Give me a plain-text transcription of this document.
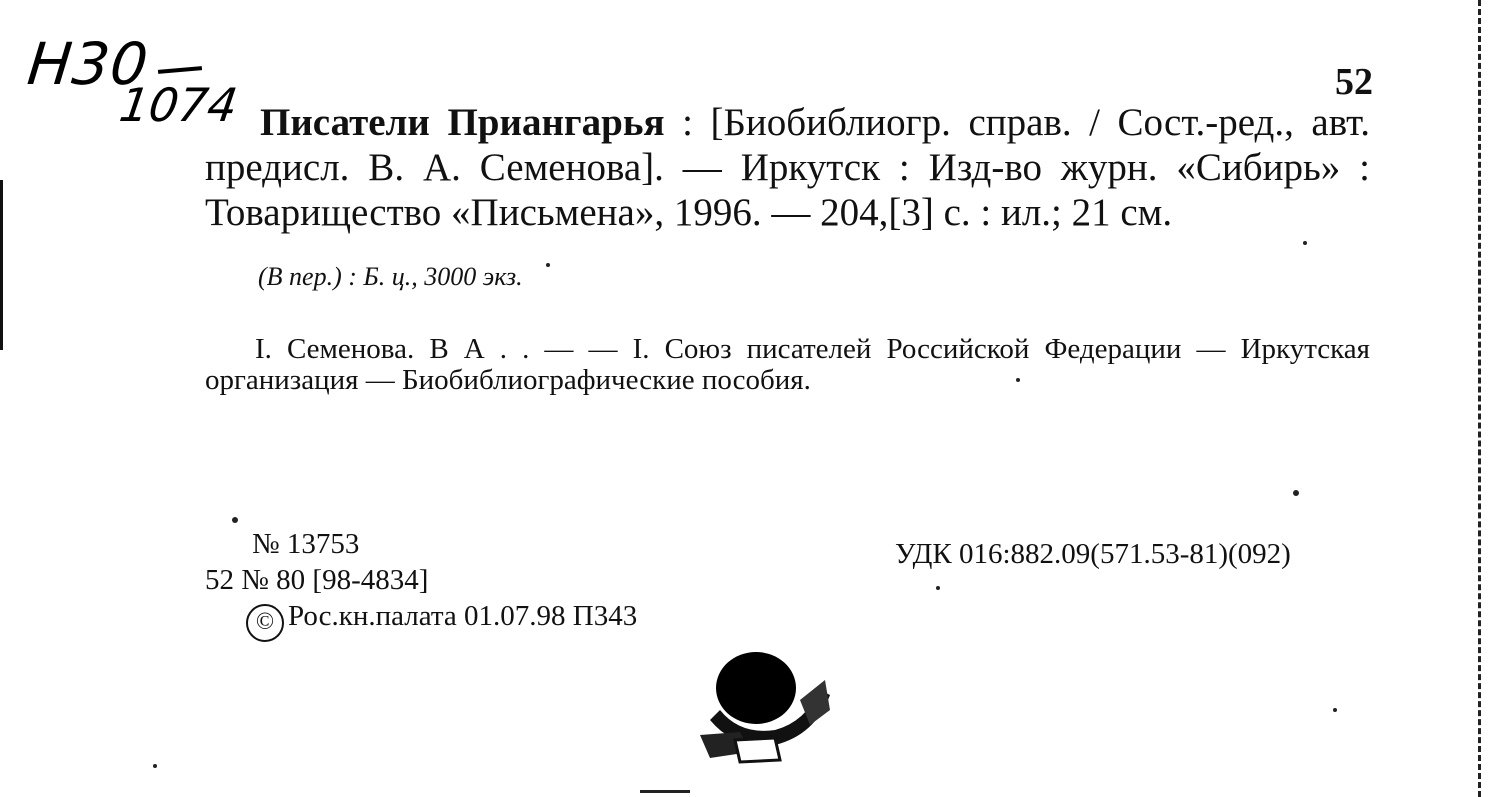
Н30
1074	52
Писатели Приангарья : [Биобиблиогр. справ. / Сост.-ред., авт. предисл. В. А. Семенова]. — Иркутск : Изд-во журн. «Сибирь» : Товарищество «Письмена», 1996. — 204,[3] с. : ил.; 21 см.
(В пер.) : Б. ц., 3000 экз.
I. Семенова. В А . . — — I. Союз писателей Российской Федерации — Иркутская организация — Биобиблиографические пособия.
№ 13753
52 № 80 [98-4834]
© Рос.кн.палата 01.07.98 П343
УДК 016:882.09(571.53-81)(092)
